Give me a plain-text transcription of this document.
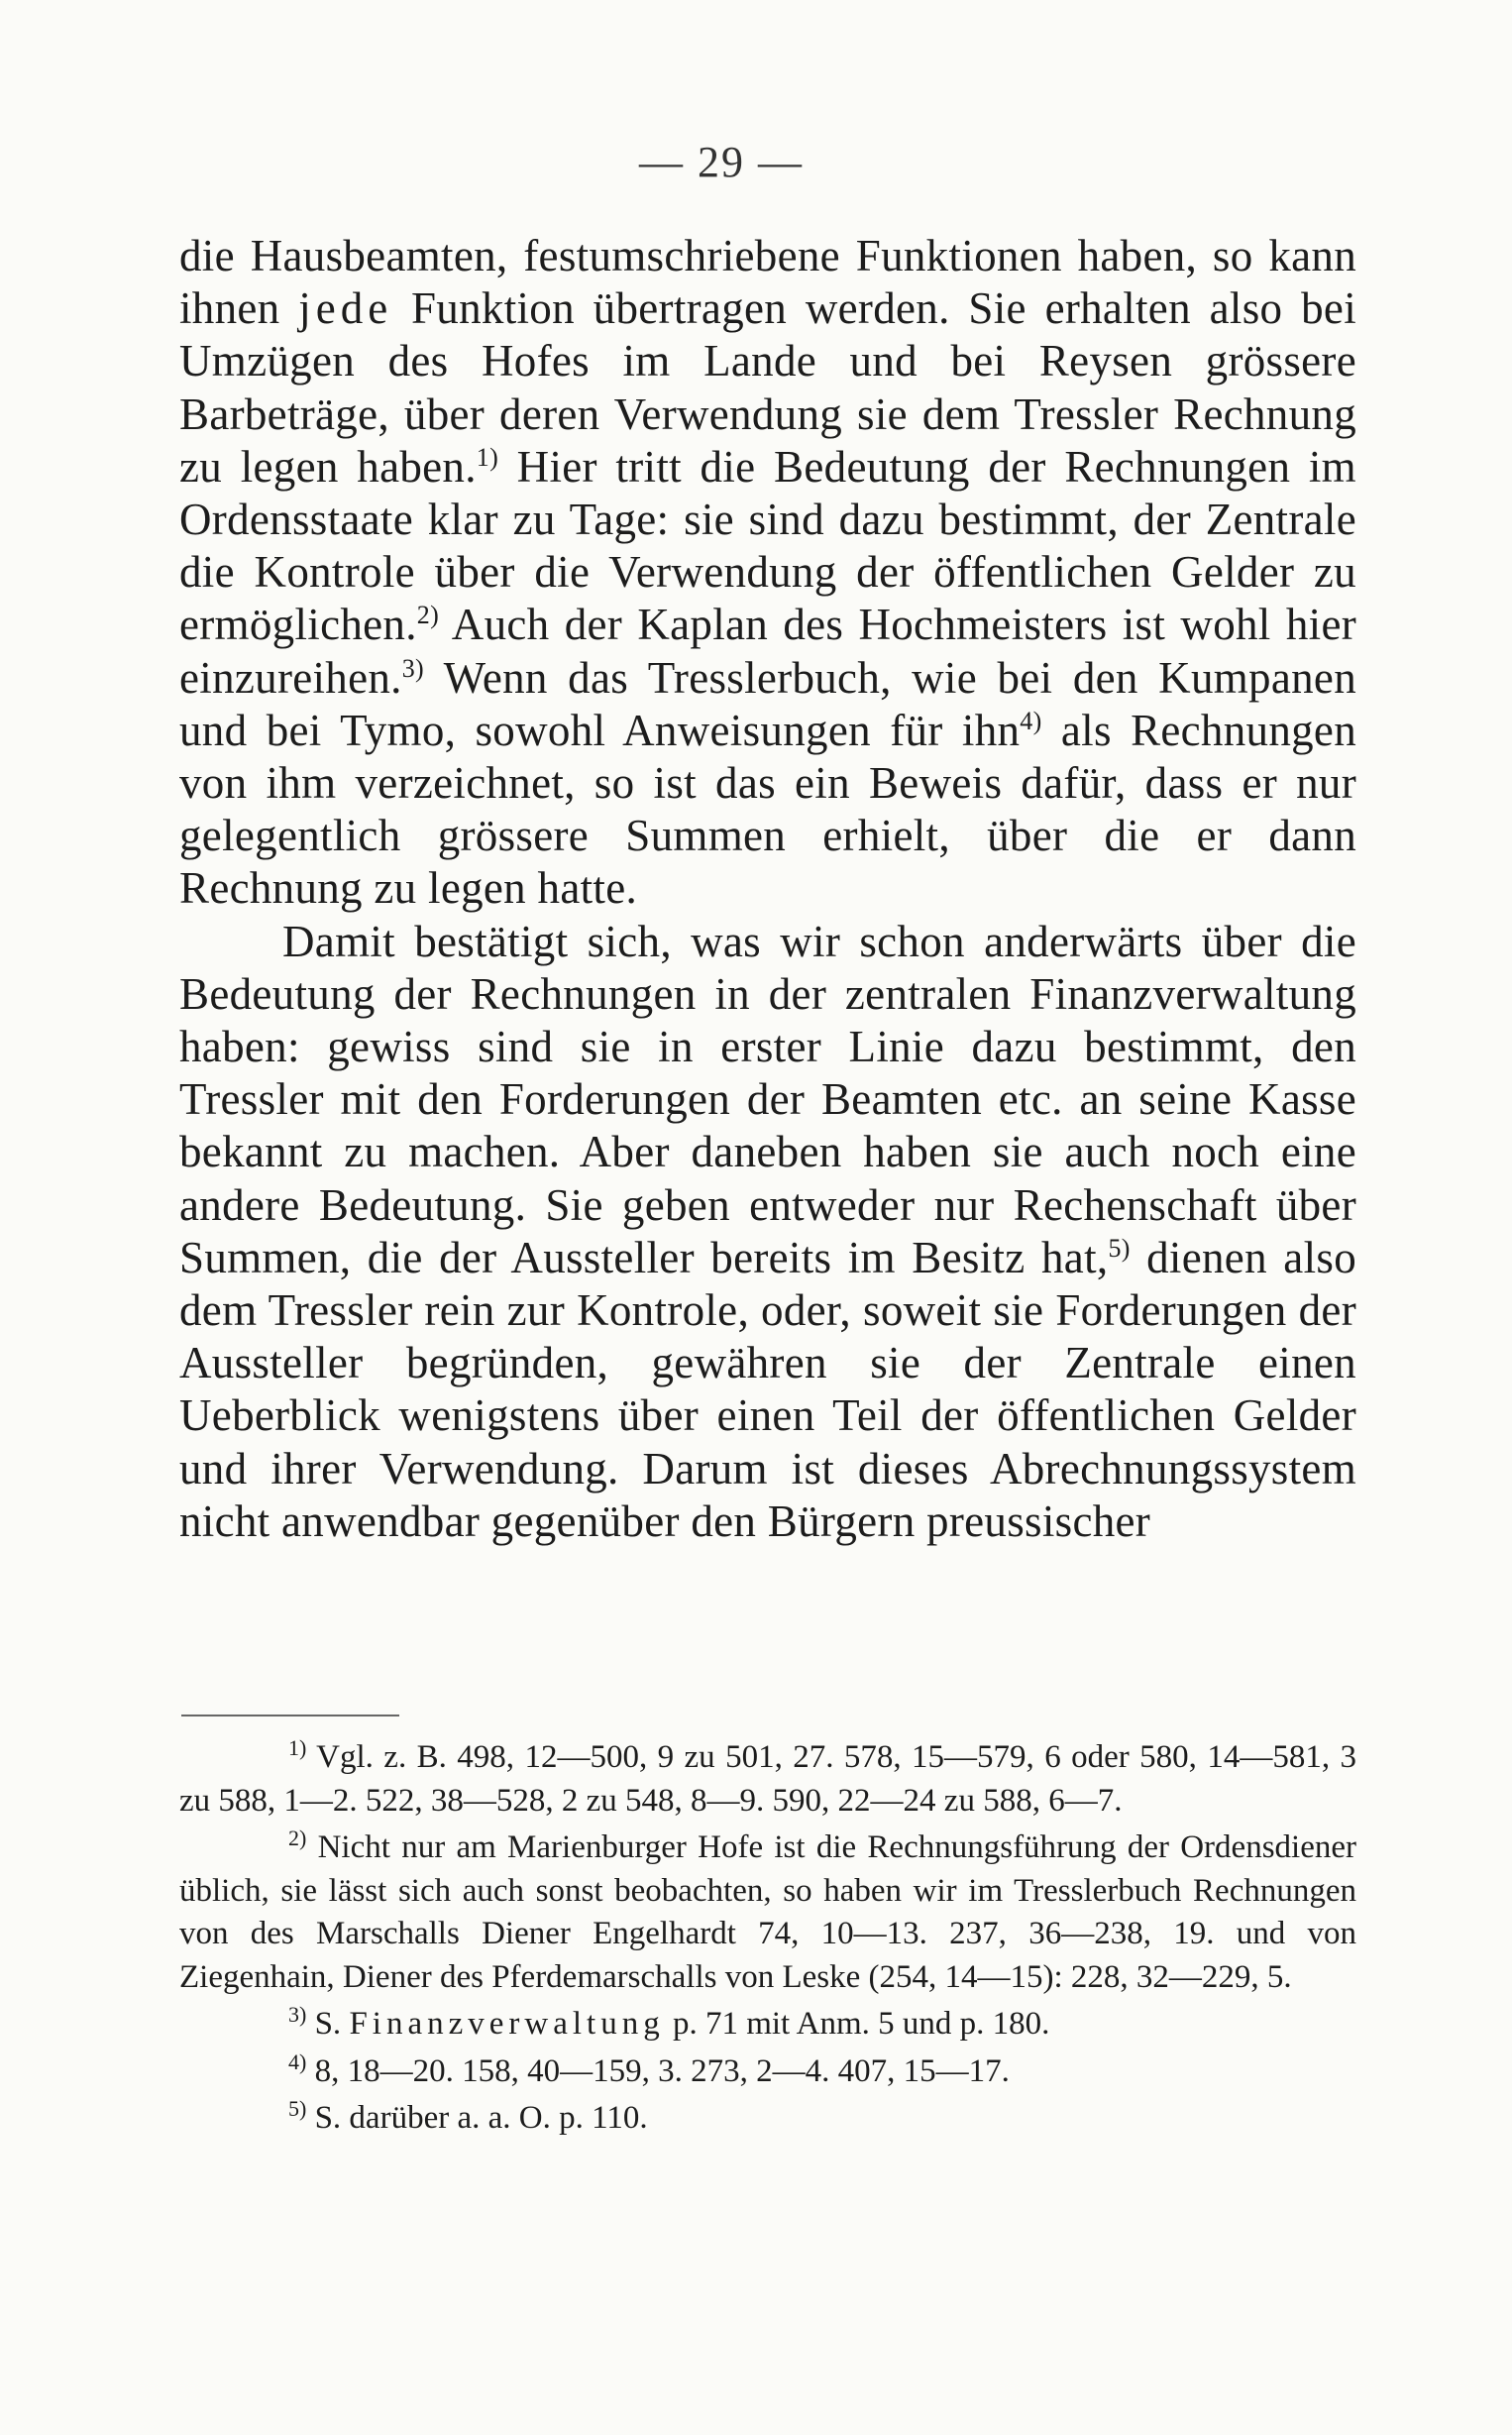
— 29 —

die Hausbeamten, festumschriebene Funktionen haben, so kann ihnen jede Funktion übertragen werden. Sie erhalten also bei Umzügen des Hofes im Lande und bei Reysen grössere Barbeträge, über deren Verwendung sie dem Tressler Rechnung zu legen haben.$^{1)}$ Hier tritt die Bedeutung der Rechnungen im Ordensstaate klar zu Tage: sie sind dazu bestimmt, der Zentrale die Kontrole über die Verwendung der öffentlichen Gelder zu ermöglichen.$^{2)}$ Auch der Kaplan des Hochmeisters ist wohl hier einzureihen.$^{3)}$ Wenn das Tresslerbuch, wie bei den Kumpanen und bei Tymo, sowohl Anweisungen für ihn$^{4)}$ als Rechnungen von ihm verzeichnet, so ist das ein Beweis dafür, dass er nur gelegentlich grössere Summen erhielt, über die er dann Rechnung zu legen hatte.

Damit bestätigt sich, was wir schon anderwärts über die Bedeutung der Rechnungen in der zentralen Finanzverwaltung haben: gewiss sind sie in erster Linie dazu bestimmt, den Tressler mit den Forderungen der Beamten etc. an seine Kasse bekannt zu machen. Aber daneben haben sie auch noch eine andere Bedeutung. Sie geben entweder nur Rechenschaft über Summen, die der Aussteller bereits im Besitz hat,$^{5)}$ dienen also dem Tressler rein zur Kontrole, oder, soweit sie Forderungen der Aussteller begründen, gewähren sie der Zentrale einen Ueberblick wenigstens über einen Teil der öffentlichen Gelder und ihrer Verwendung. Darum ist dieses Abrechnungssystem nicht anwendbar gegenüber den Bürgern preussischer

$^{1)}$ Vgl. z. B. 498, 12—500, 9 zu 501, 27. 578, 15—579, 6 oder 580, 14—581, 3 zu 588, 1—2. 522, 38—528, 2 zu 548, 8—9. 590, 22—24 zu 588, 6—7.

$^{2)}$ Nicht nur am Marienburger Hofe ist die Rechnungsführung der Ordensdiener üblich, sie lässt sich auch sonst beobachten, so haben wir im Tresslerbuch Rechnungen von des Marschalls Diener Engelhardt 74, 10—13. 237, 36—238, 19. und von Ziegenhain, Diener des Pferdemarschalls von Leske (254, 14—15): 228, 32—229, 5.

$^{3)}$ S. Finanzverwaltung p. 71 mit Anm. 5 und p. 180.

$^{4)}$ 8, 18—20. 158, 40—159, 3. 273, 2—4. 407, 15—17.

$^{5)}$ S. darüber a. a. O. p. 110.
